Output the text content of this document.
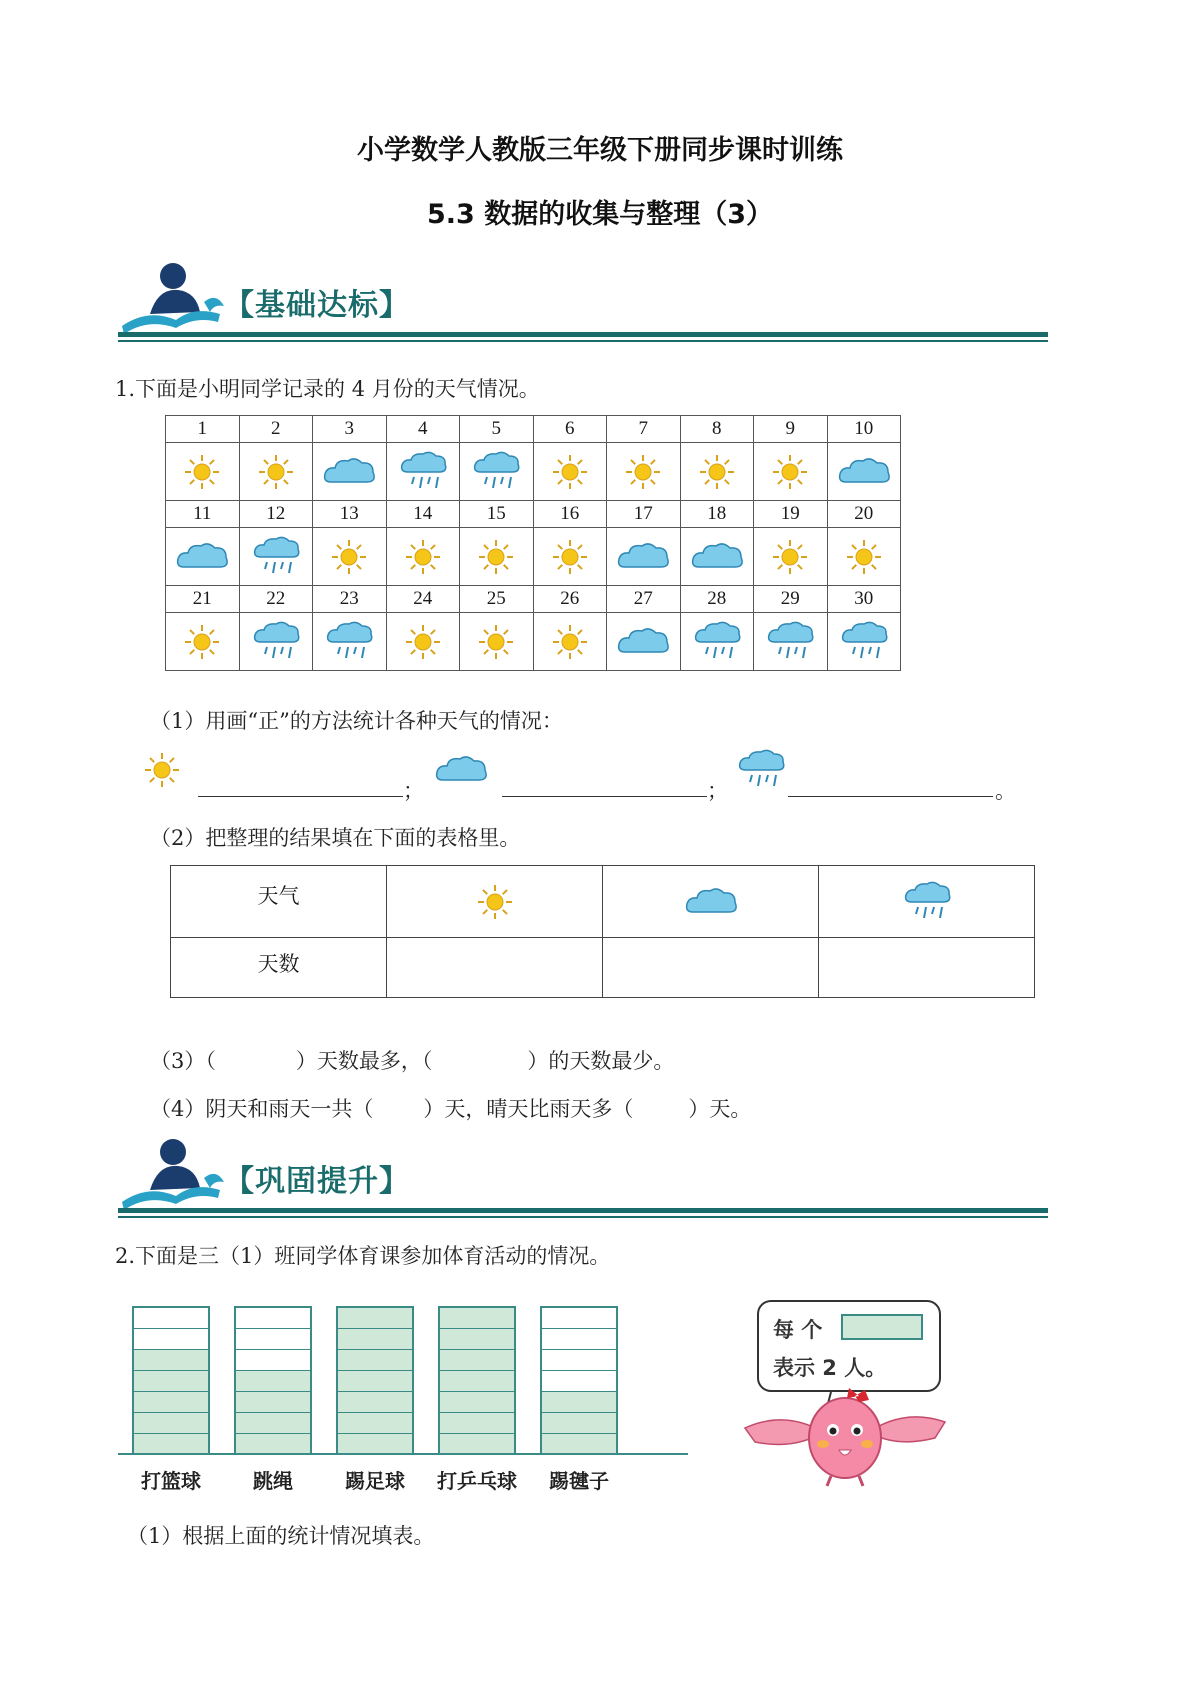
小学数学人教版三年级下册同步课时训练
5.3 数据的收集与整理（3）
【基础达标】
1.下面是小明同学记录的 4 月份的天气情况。
1	2	3	4	5	6	7	8	9	10

11	12	13	14	15	16	17	18	19	20

21	22	23	24	25	26	27	28	29	30

（1）用画“正”的方法统计各种天气的情况：
；	；	。
（2）把整理的结果填在下面的表格里。
天气			
天数			
（3）（	）天数最多，（	）的天数最少。
（4）阴天和雨天一共（ ）天，晴天比雨天多（	）天。
【巩固提升】
2.下面是三（1）班同学体育课参加体育活动的情况。
打篮球	跳绳	踢足球	打乒乓球	踢毽子
每 个
表示 2 人。
（1）根据上面的统计情况填表。
